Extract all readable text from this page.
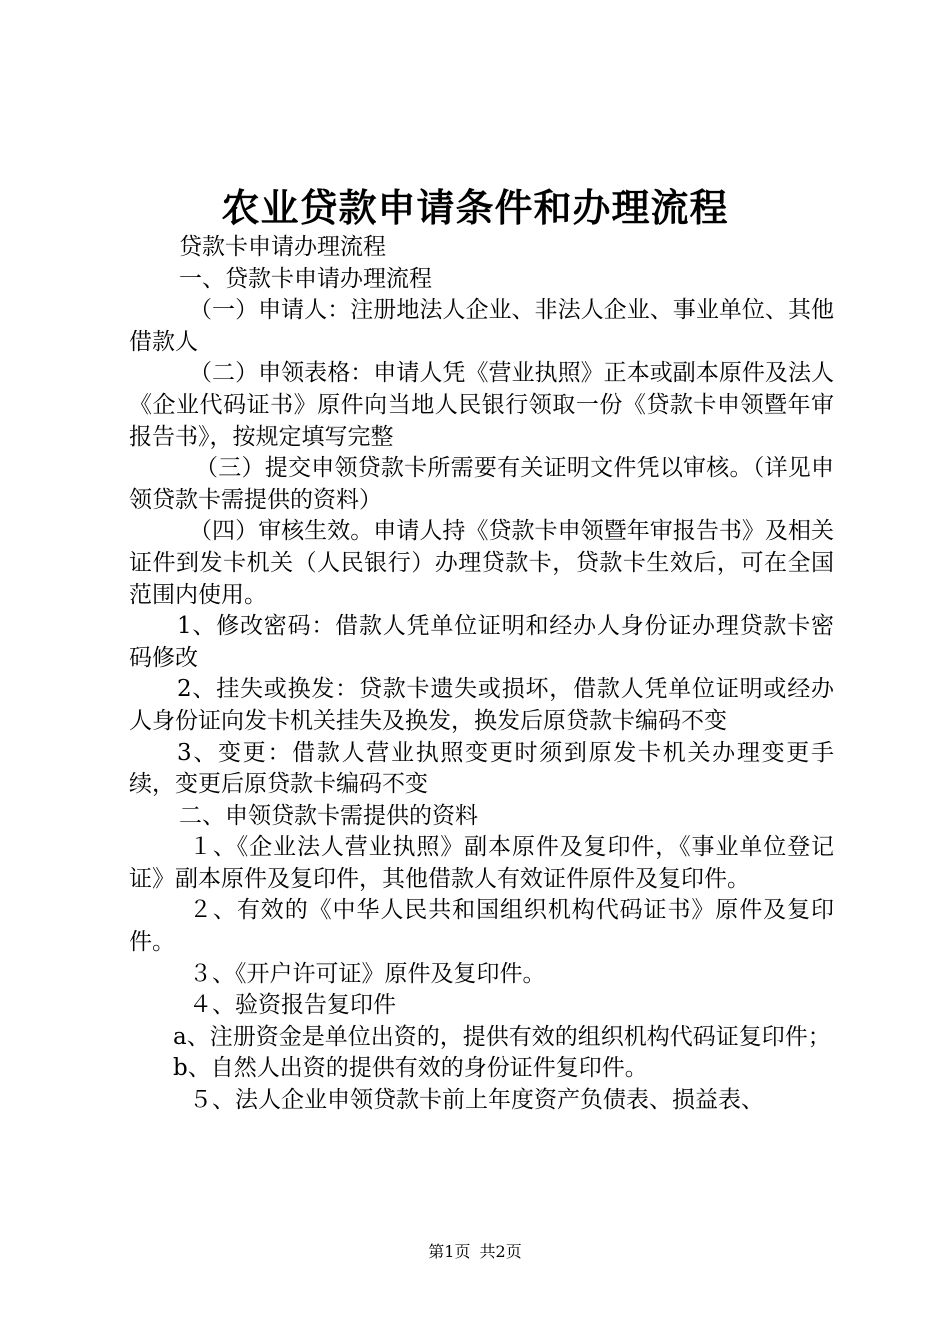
农业贷款申请条件和办理流程

贷款卡申请办理流程

一、贷款卡申请办理流程

（一）申请人：注册地法人企业、非法人企业、事业单位、其他借款人

（二）申领表格：申请人凭《营业执照》正本或副本原件及法人《企业代码证书》原件向当地人民银行领取一份《贷款卡申领暨年审报告书》，按规定填写完整

（三）提交申领贷款卡所需要有关证明文件凭以审核。（详见申领贷款卡需提供的资料）

（四）审核生效。申请人持《贷款卡申领暨年审报告书》及相关证件到发卡机关（人民银行）办理贷款卡，贷款卡生效后，可在全国范围内使用。

1、修改密码：借款人凭单位证明和经办人身份证办理贷款卡密码修改

2、挂失或换发：贷款卡遗失或损坏，借款人凭单位证明或经办人身份证向发卡机关挂失及换发，换发后原贷款卡编码不变

3、变更：借款人营业执照变更时须到原发卡机关办理变更手续，变更后原贷款卡编码不变

二、申领贷款卡需提供的资料

１、《企业法人营业执照》副本原件及复印件，《事业单位登记证》副本原件及复印件，其他借款人有效证件原件及复印件。

２、有效的《中华人民共和国组织机构代码证书》原件及复印件。

３、《开户许可证》原件及复印件。

４、验资报告复印件

a、注册资金是单位出资的，提供有效的组织机构代码证复印件；

b、自然人出资的提供有效的身份证件复印件。

５、法人企业申领贷款卡前上年度资产负债表、损益表、

第1页 共2页
